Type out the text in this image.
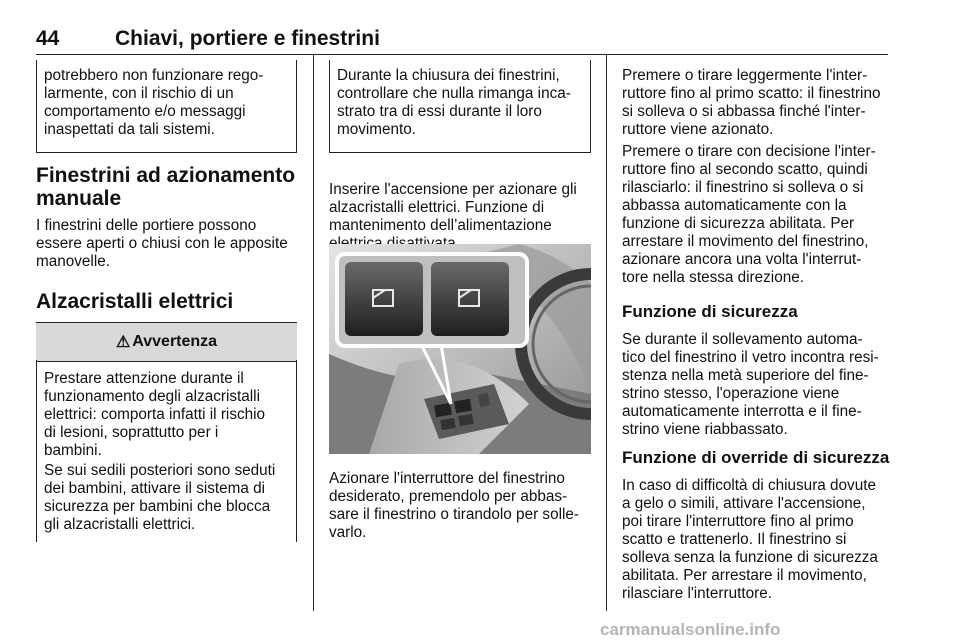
44	Chiavi, portiere e finestrini

potrebbero non funzionare rego-
larmente, con il rischio di un
comportamento e/o messaggi
inaspettati da tali sistemi.

Finestrini ad azionamento
manuale

I finestrini delle portiere possono
essere aperti o chiusi con le apposite
manovelle.

Alzacristalli elettrici
⚠ Avvertenza

Prestare attenzione durante il
funzionamento degli alzacristalli
elettrici: comporta infatti il rischio
di lesioni, soprattutto per i
bambini.

Se sui sedili posteriori sono seduti
dei bambini, attivare il sistema di
sicurezza per bambini che blocca
gli alzacristalli elettrici.

Durante la chiusura dei finestrini,
controllare che nulla rimanga inca-
strato tra di essi durante il loro
movimento.

Inserire l'accensione per azionare gli
alzacristalli elettrici. Funzione di
mantenimento dell’alimentazione

Azionare l'interruttore del finestrino
desiderato, premendolo per abbas-
sare il finestrino o tirandolo per solle-
varlo.

Premere o tirare leggermente l'inter-
ruttore fino al primo scatto: il finestrino
si solleva o si abbassa finché l'inter-
ruttore viene azionato.

Premere o tirare con decisione l'inter-
ruttore fino al secondo scatto, quindi
rilasciarlo: il finestrino si solleva o si
abbassa automaticamente con la
funzione di sicurezza abilitata. Per
arrestare il movimento del finestrino,
azionare ancora una volta l'interrut-
tore nella stessa direzione.

Funzione di sicurezza

Se durante il sollevamento automa-
tico del finestrino il vetro incontra resi-
stenza nella metà superiore del fine-
strino stesso, l'operazione viene
automaticamente interrotta e il fine-
strino viene riabbassato.

Funzione di override di sicurezza

In caso di difficoltà di chiusura dovute
a gelo o simili, attivare l'accensione,
poi tirare l'interruttore fino al primo
scatto e trattenerlo. Il finestrino si
solleva senza la funzione di sicurezza
abilitata. Per arrestare il movimento,
rilasciare l'interruttore.

carmanualsonline.info
